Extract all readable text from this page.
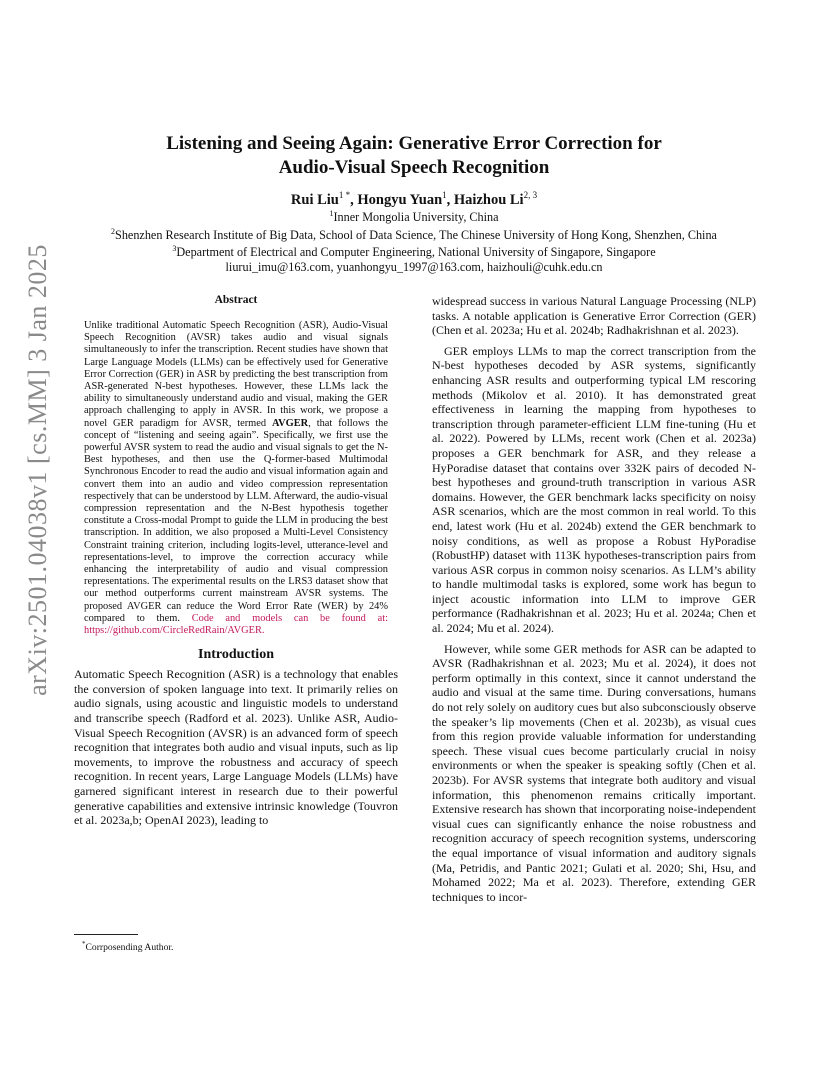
arXiv:2501.04038v1 [cs.MM] 3 Jan 2025
Listening and Seeing Again: Generative Error Correction for
Audio-Visual Speech Recognition
Rui Liu$^{1 *}$, Hongyu Yuan$^1$, Haizhou Li$^{2, 3}$
$^1$Inner Mongolia University, China
$^2$Shenzhen Research Institute of Big Data, School of Data Science, The Chinese University of Hong Kong, Shenzhen, China
$^3$Department of Electrical and Computer Engineering, National University of Singapore, Singapore
liurui_imu@163.com, yuanhongyu_1997@163.com, haizhouli@cuhk.edu.cn
Abstract

Unlike traditional Automatic Speech Recognition (ASR), Audio-Visual Speech Recognition (AVSR) takes audio and visual signals simultaneously to infer the transcription. Recent studies have shown that Large Language Models (LLMs) can be effectively used for Generative Error Correction (GER) in ASR by predicting the best transcription from ASR-generated N-best hypotheses. However, these LLMs lack the ability to simultaneously understand audio and visual, making the GER approach challenging to apply in AVSR. In this work, we propose a novel GER paradigm for AVSR, termed AVGER, that follows the concept of “listening and seeing again”. Specifically, we first use the powerful AVSR system to read the audio and visual signals to get the N-Best hypotheses, and then use the Q-former-based Multimodal Synchronous Encoder to read the audio and visual information again and convert them into an audio and video compression representation respectively that can be understood by LLM. Afterward, the audio-visual compression representation and the N-Best hypothesis together constitute a Cross-modal Prompt to guide the LLM in producing the best transcription. In addition, we also proposed a Multi-Level Consistency Constraint training criterion, including logits-level, utterance-level and representations-level, to improve the correction accuracy while enhancing the interpretability of audio and visual compression representations. The experimental results on the LRS3 dataset show that our method outperforms current mainstream AVSR systems. The proposed AVGER can reduce the Word Error Rate (WER) by 24% compared to them. Code and models can be found at: https://github.com/CircleRedRain/AVGER.

Introduction

Automatic Speech Recognition (ASR) is a technology that enables the conversion of spoken language into text. It primarily relies on audio signals, using acoustic and linguistic models to understand and transcribe speech (Radford et al. 2023). Unlike ASR, Audio-Visual Speech Recognition (AVSR) is an advanced form of speech recognition that integrates both audio and visual inputs, such as lip movements, to improve the robustness and accuracy of speech recognition. In recent years, Large Language Models (LLMs) have garnered significant interest in research due to their powerful generative capabilities and extensive intrinsic knowledge (Touvron et al. 2023a,b; OpenAI 2023), leading to

widespread success in various Natural Language Processing (NLP) tasks. A notable application is Generative Error Correction (GER) (Chen et al. 2023a; Hu et al. 2024b; Radhakrishnan et al. 2023).

GER employs LLMs to map the correct transcription from the N-best hypotheses decoded by ASR systems, significantly enhancing ASR results and outperforming typical LM rescoring methods (Mikolov et al. 2010). It has demonstrated great effectiveness in learning the mapping from hypotheses to transcription through parameter-efficient LLM fine-tuning (Hu et al. 2022). Powered by LLMs, recent work (Chen et al. 2023a) proposes a GER benchmark for ASR, and they release a HyPoradise dataset that contains over 332K pairs of decoded N-best hypotheses and ground-truth transcription in various ASR domains. However, the GER benchmark lacks specificity on noisy ASR scenarios, which are the most common in real world. To this end, latest work (Hu et al. 2024b) extend the GER benchmark to noisy conditions, as well as propose a Robust HyPoradise (RobustHP) dataset with 113K hypotheses-transcription pairs from various ASR corpus in common noisy scenarios. As LLM’s ability to handle multimodal tasks is explored, some work has begun to inject acoustic information into LLM to improve GER performance (Radhakrishnan et al. 2023; Hu et al. 2024a; Chen et al. 2024; Mu et al. 2024).

However, while some GER methods for ASR can be adapted to AVSR (Radhakrishnan et al. 2023; Mu et al. 2024), it does not perform optimally in this context, since it cannot understand the audio and visual at the same time. During conversations, humans do not rely solely on auditory cues but also subconsciously observe the speaker’s lip movements (Chen et al. 2023b), as visual cues from this region provide valuable information for understanding speech. These visual cues become particularly crucial in noisy environments or when the speaker is speaking softly (Chen et al. 2023b). For AVSR systems that integrate both auditory and visual information, this phenomenon remains critically important. Extensive research has shown that incorporating noise-independent visual cues can significantly enhance the noise robustness and recognition accuracy of speech recognition systems, underscoring the equal importance of visual information and auditory signals (Ma, Petridis, and Pantic 2021; Gulati et al. 2020; Shi, Hsu, and Mohamed 2022; Ma et al. 2023). Therefore, extending GER techniques to incor-

*Corrposending Author.
